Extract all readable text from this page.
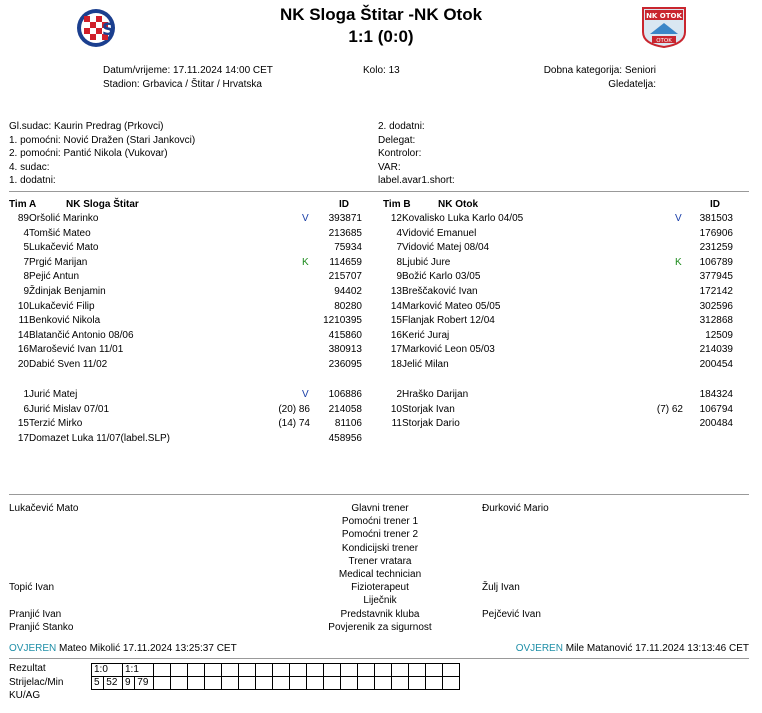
S
NK OTOK
OTOK
NK Sloga Štitar -NK Otok
1:1 (0:0)
Datum/vrijeme: 17.11.2024 14:00 CET
Stadion: Grbavica / Štitar / Hrvatska
Kolo: 13	Dobna kategorija: Seniori
Gledatelja:
Gl.sudac: Kaurin Predrag (Prkovci)
1. pomoćni: Nović Dražen (Stari Jankovci)
2. pomoćni: Pantić Nikola (Vukovar)
4. sudac:
1. dodatni:
2. dodatni:
Delegat:
Kontrolor:
VAR:
label.avar1.short:
Tim A	NK Sloga Štitar	ID	Tim B	NK Otok	ID
89 Oršolić Marinko	V 393871
4 Tomšić Mateo	213685
5 Lukačević Mato	75934
7 Prgić Marijan	K 114659
8 Pejić Antun	215707
9 Ždinjak Benjamin	94402
10 Lukačević Filip	80280
11 Benković Nikola	1210395
14 Blatančić Antonio 08/06	415860
16 Marošević Ivan 11/01	380913
20 Dabić Sven 11/02	236095
1 Jurić Matej	V 106886
6 Jurić Mislav 07/01	(20) 86 214058
15 Terzić Mirko	(14) 74 81106
17 Domazet Luka 11/07(label.SLP)	458956
12 Kovalisko Luka Karlo 04/05	V 381503
4 Vidović Emanuel	176906
7 Vidović Matej 08/04	231259
8 Ljubić Jure	K 106789
9 Božić Karlo 03/05	377945
13 Breščaković Ivan	172142
14 Marković Mateo 05/05	302596
15 Flanjak Robert 12/04	312868
16 Kerić Juraj	12509
17 Marković Leon 05/03	214039
18 Jelić Milan	200454
2 Hraško Darijan	184324
10 Storjak Ivan	(7) 62 106794
11 Storjak Dario	200484
Lukačević Mato	Glavni trener	Đurković Mario
Pomoćni trener 1
Pomoćni trener 2
Kondicijski trener
Trener vratara
Medical technician
Topić Ivan	Fizioterapeut	Žulj Ivan
Liječnik
Pranjić Ivan	Predstavnik kluba	Pejčević Ivan
Pranjić Stanko	Povjerenik za sigurnost
OVJEREN Mateo Mikolić 17.11.2024 13:25:37 CET	OVJEREN Mile Matanović 17.11.2024 13:13:46 CET
Rezultat
Strijelac/Min
KU/AG
1:0		1:1																			
5	52	9	79																		
